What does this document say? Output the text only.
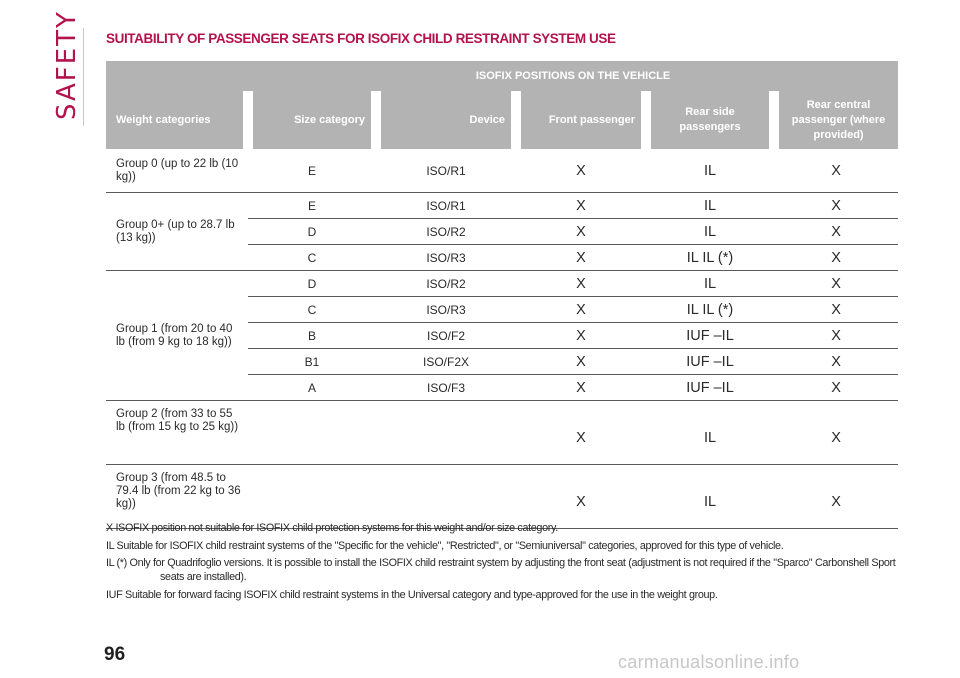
SAFETY SUITABILITY OF PASSENGER SEATS FOR ISOFIX CHILD RESTRAINT SYSTEM USE
	ISOFIX POSITIONS ON THE VEHICLE				
Weight categories	Size category	Device	Front passenger	Rear side passengers	Rear central passenger (where provided)
Group 0 (up to 22 lb (10 kg))	E	ISO/R1	X	IL	X
Group 0+ (up to 28.7 lb (13 kg))	E	ISO/R1	X	IL	X
	D	ISO/R2	X	IL	X
	C	ISO/R3	X	IL IL (*)	X
Group 1 (from 20 to 40 lb (from 9 kg to 18 kg))	D	ISO/R2	X	IL	X
	C	ISO/R3	X	IL IL (*)	X
	B	ISO/F2	X	IUF –IL	X
	B1	ISO/F2X	X	IUF –IL	X
	A	ISO/F3	X	IUF –IL	X
Group 2 (from 33 to 55 lb (from 15 kg to 25 kg))			X	IL	X
Group 3 (from 48.5 to 79.4 lb (from 22 kg to 36 kg))			X	IL	X

X ISOFIX position not suitable for ISOFIX child protection systems for this weight and/or size category.

IL Suitable for ISOFIX child restraint systems of the "Specific for the vehicle", "Restricted", or "Semiuniversal" categories, approved for this type of vehicle.

IL (*) Only for Quadrifoglio versions. It is possible to install the ISOFIX child restraint system by adjusting the front seat (adjustment is not required if the "Sparco" Carbonshell Sport seats are installed).

IUF Suitable for forward facing ISOFIX child restraint systems in the Universal category and type-approved for the use in the weight group.

96	carmanualsonline.info
